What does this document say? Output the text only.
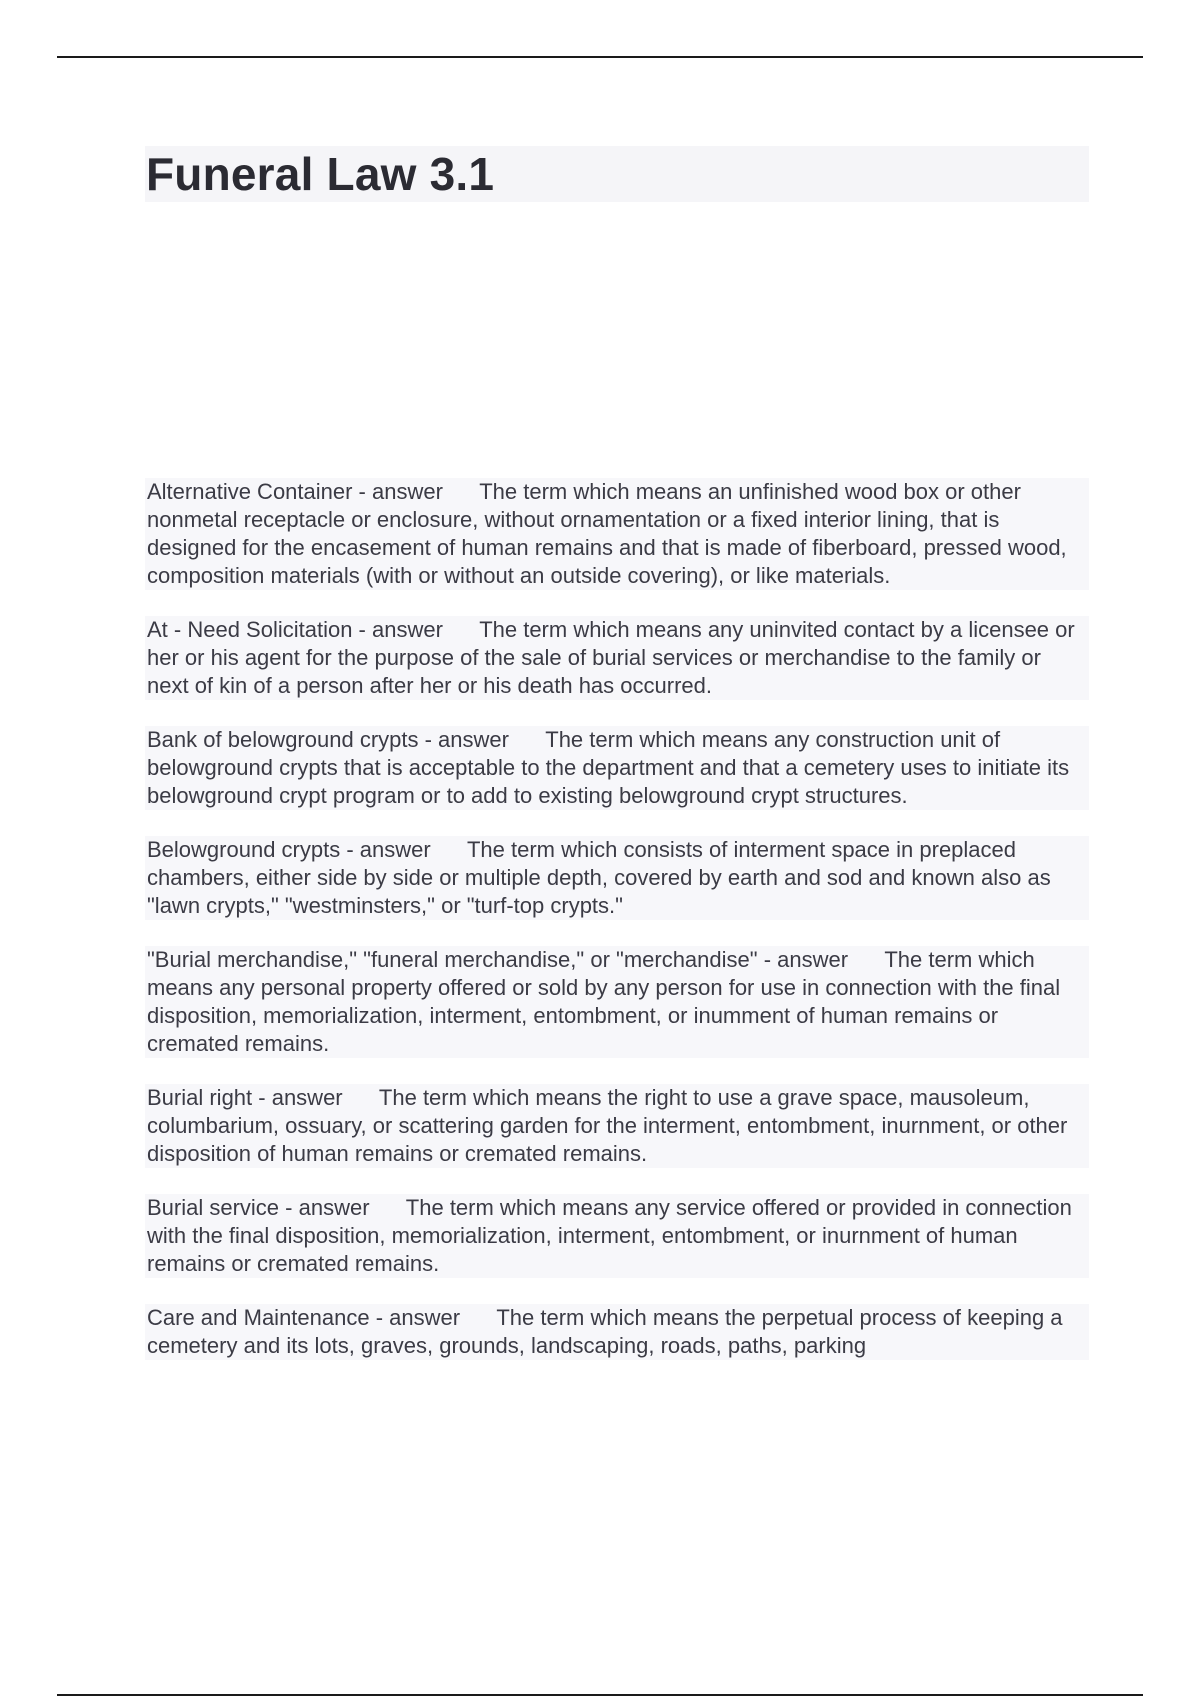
Funeral Law 3.1

Alternative Container - answer The term which means an unfinished wood box or other nonmetal receptacle or enclosure, without ornamentation or a fixed interior lining, that is designed for the encasement of human remains and that is made of fiberboard, pressed wood, composition materials (with or without an outside covering), or like materials.

At - Need Solicitation - answer The term which means any uninvited contact by a licensee or her or his agent for the purpose of the sale of burial services or merchandise to the family or next of kin of a person after her or his death has occurred.

Bank of belowground crypts - answer The term which means any construction unit of belowground crypts that is acceptable to the department and that a cemetery uses to initiate its belowground crypt program or to add to existing belowground crypt structures.

Belowground crypts - answer The term which consists of interment space in preplaced chambers, either side by side or multiple depth, covered by earth and sod and known also as "lawn crypts," "westminsters," or "turf-top crypts."

"Burial merchandise," "funeral merchandise," or "merchandise" - answer The term which means any personal property offered or sold by any person for use in connection with the final disposition, memorialization, interment, entombment, or inumment of human remains or cremated remains.

Burial right - answer The term which means the right to use a grave space, mausoleum, columbarium, ossuary, or scattering garden for the interment, entombment, inurnment, or other disposition of human remains or cremated remains.

Burial service - answer The term which means any service offered or provided in connection with the final disposition, memorialization, interment, entombment, or inurnment of human remains or cremated remains.

Care and Maintenance - answer The term which means the perpetual process of keeping a cemetery and its lots, graves, grounds, landscaping, roads, paths, parking
